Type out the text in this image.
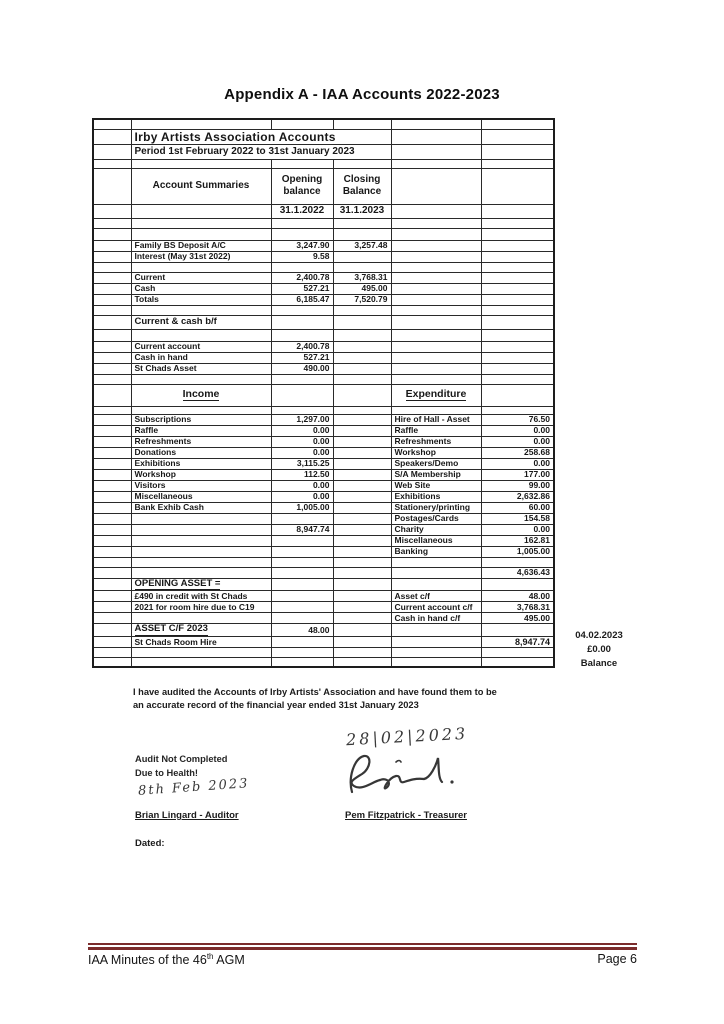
Appendix A - IAA Accounts 2022-2023

	Irby Artists Association Accounts				
	Period 1st February 2022 to 31st January 2023				

	Account Summaries	Opening balance	Closing Balance		
		31.1.2022	31.1.2023		

	Family BS Deposit A/C	3,247.90	3,257.48		

	Interest (May 31st 2022)	9.58			

	Current	2,400.78	3,768.31		

	Cash	527.21	495.00		

	Totals	6,185.47	7,520.79		

	Current & cash b/f				

	Current account	2,400.78			

	Cash in hand	527.21			

	St Chads Asset	490.00			

	Income			Expenditure	

	Subscriptions	1,297.00		Hire of Hall - Asset	76.50

	Raffle	0.00		Raffle	0.00

	Refreshments	0.00		Refreshments	0.00

	Donations	0.00		Workshop	258.68

	Exhibitions	3,115.25		Speakers/Demo	0.00

	Workshop	112.50		S/A Membership	177.00

	Visitors	0.00		Web Site	99.00

	Miscellaneous	0.00		Exhibitions	2,632.86

	Bank Exhib Cash	1,005.00		Stationery/printing	60.00

				Postages/Cards	154.58

		8,947.74		Charity	0.00

				Miscellaneous	162.81

				Banking	1,005.00

					4,636.43

	OPENING ASSET =				
	£490 in credit with St Chads			Asset c/f	48.00

	2021 for room hire due to C19			Current account c/f	3,768.31

				Cash in hand c/f	495.00

	ASSET C/F 2023	48.00			

	St Chads Room Hire				8,947.74

04.02.2023
£0.00
Balance
I have audited the Accounts of Irby Artists' Association and have found them to be
an accurate record of the financial year ended 31st January 2023
Audit Not Completed
Due to Health!
8th Feb 2023
28|02|2023
Brian Lingard - Auditor	Pem Fitzpatrick - Treasurer
Dated:
IAA Minutes of the 46th AGM	Page 6
